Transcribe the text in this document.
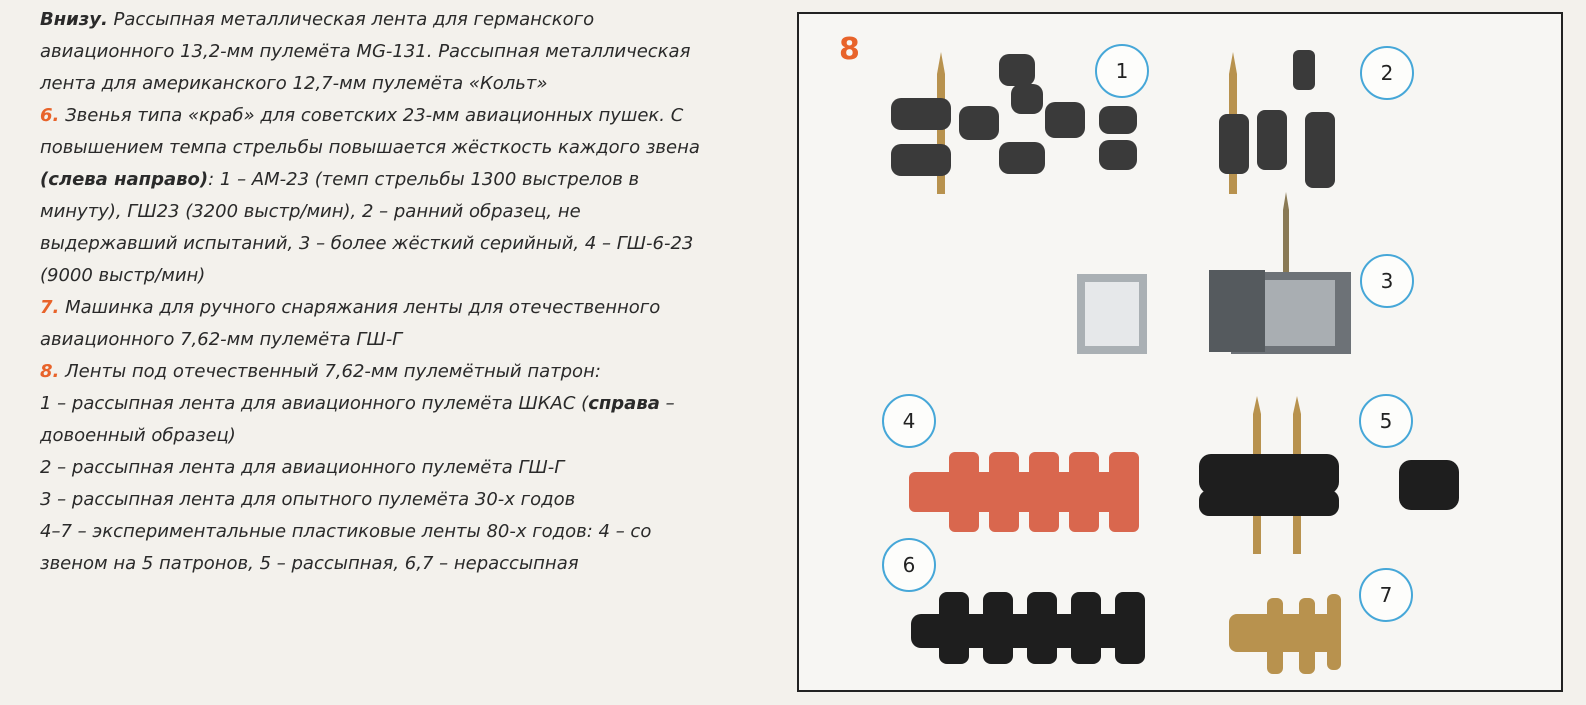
Внизу. Рассыпная металлическая лента для германского
авиационного 13,2-мм пулемёта MG-131. Рассыпная металлическая
лента для американского 12,7-мм пулемёта «Кольт»
6. Звенья типа «краб» для советских 23-мм авиационных пушек. С
повышением темпа стрельбы повышается жёсткость каждого звена
(слева направо): 1 – АМ-23 (темп стрельбы 1300 выстрелов в
минуту), ГШ23 (3200 выстр/мин), 2 – ранний образец, не
выдержавший испытаний, 3 – более жёсткий серийный, 4 – ГШ-6-23
(9000 выстр/мин)
7. Машинка для ручного снаряжания ленты для отечественного
авиационного 7,62-мм пулемёта ГШ-Г
8. Ленты под отечественный 7,62-мм пулемётный патрон:
1 – рассыпная лента для авиационного пулемёта ШКАС (справа –
довоенный образец)
2 – рассыпная лента для авиационного пулемёта ГШ-Г
3 – рассыпная лента для опытного пулемёта 30-х годов
4–7 – экспериментальные пластиковые ленты 80-х годов: 4 – со
звеном на 5 патронов, 5 – рассыпная, 6,7 – нерассыпная
8
1	2
3
4	5
6
7
